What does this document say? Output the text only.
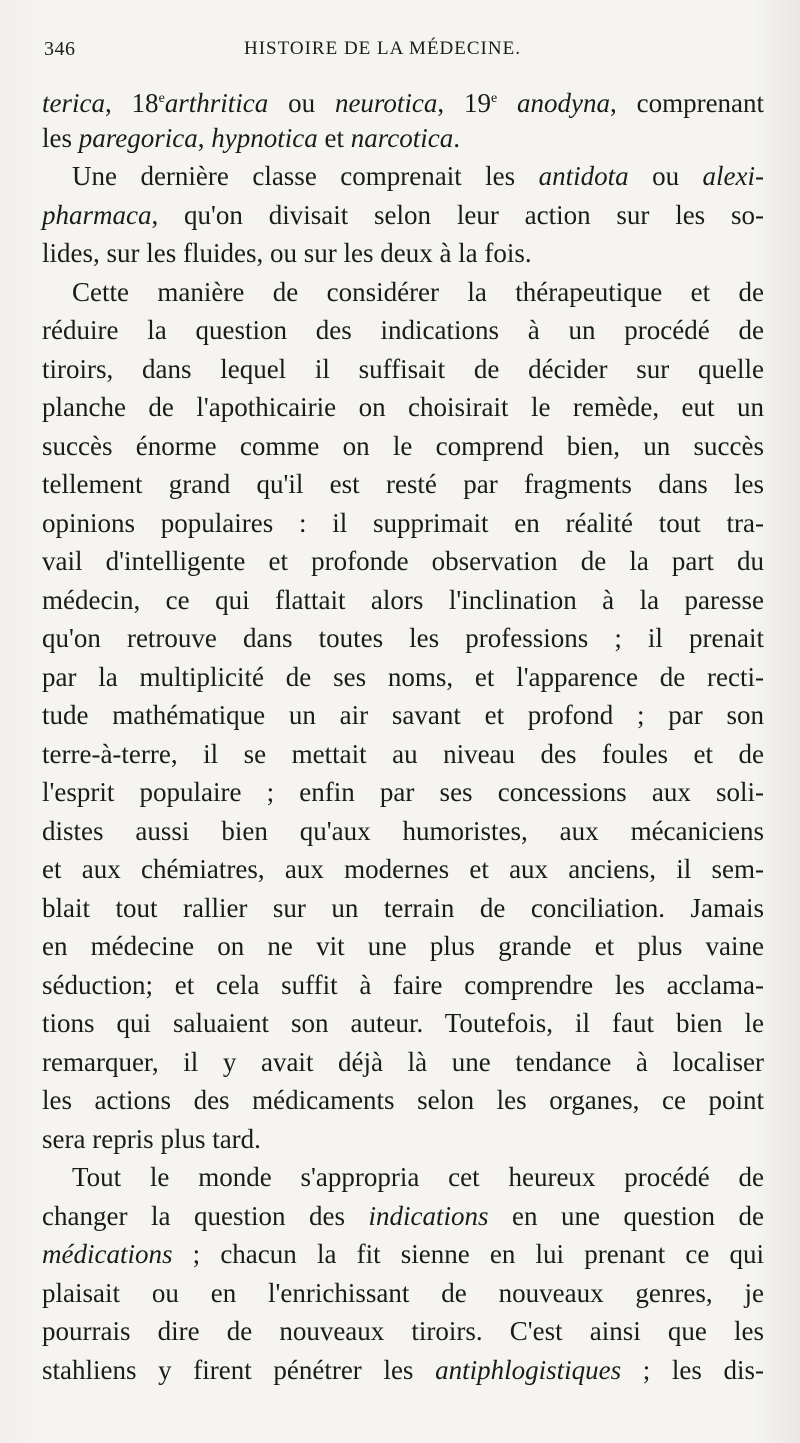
346	HISTOIRE DE LA MÉDECINE.
terica, 18earthritica ou neurotica, 19e anodyna, comprenant
les paregorica, hypnotica et narcotica.
Une dernière classe comprenait les antidota ou alexi-
pharmaca, qu'on divisait selon leur action sur les so-
lides, sur les fluides, ou sur les deux à la fois.
Cette manière de considérer la thérapeutique et de
réduire la question des indications à un procédé de
tiroirs, dans lequel il suffisait de décider sur quelle
planche de l'apothicairie on choisirait le remède, eut un
succès énorme comme on le comprend bien, un succès
tellement grand qu'il est resté par fragments dans les
opinions populaires : il supprimait en réalité tout tra-
vail d'intelligente et profonde observation de la part du
médecin, ce qui flattait alors l'inclination à la paresse
qu'on retrouve dans toutes les professions ; il prenait
par la multiplicité de ses noms, et l'apparence de recti-
tude mathématique un air savant et profond ; par son
terre-à-terre, il se mettait au niveau des foules et de
l'esprit populaire ; enfin par ses concessions aux soli-
distes aussi bien qu'aux humoristes, aux mécaniciens
et aux chémiatres, aux modernes et aux anciens, il sem-
blait tout rallier sur un terrain de conciliation. Jamais
en médecine on ne vit une plus grande et plus vaine
séduction; et cela suffit à faire comprendre les acclama-
tions qui saluaient son auteur. Toutefois, il faut bien le
remarquer, il y avait déjà là une tendance à localiser
les actions des médicaments selon les organes, ce point
sera repris plus tard.
Tout le monde s'appropria cet heureux procédé de
changer la question des indications en une question de
médications ; chacun la fit sienne en lui prenant ce qui
plaisait ou en l'enrichissant de nouveaux genres, je
pourrais dire de nouveaux tiroirs. C'est ainsi que les
stahliens y firent pénétrer les antiphlogistiques ; les dis-
